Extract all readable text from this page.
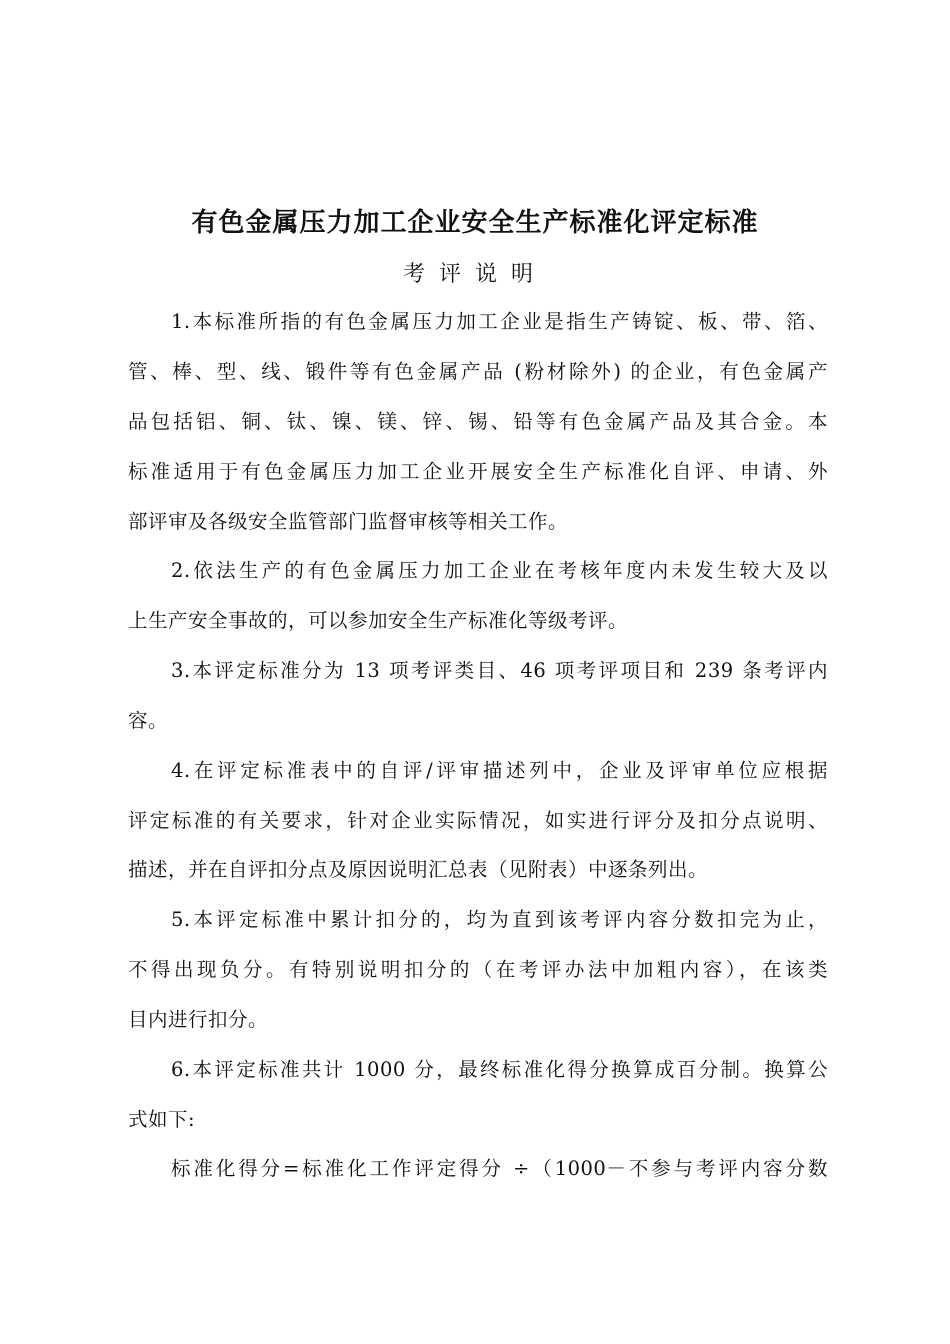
有色金属压力加工企业安全生产标准化评定标准
考评说明
1.本标准所指的有色金属压力加工企业是指生产铸锭、板、带、箔、
管、棒、型、线、锻件等有色金属产品 (粉材除外) 的企业，有色金属产
品包括铝、铜、钛、镍、镁、锌、锡、铅等有色金属产品及其合金。本
标准适用于有色金属压力加工企业开展安全生产标准化自评、申请、外
部评审及各级安全监管部门监督审核等相关工作。
2.依法生产的有色金属压力加工企业在考核年度内未发生较大及以
上生产安全事故的，可以参加安全生产标准化等级考评。
3.本评定标准分为 13 项考评类目、46 项考评项目和 239 条考评内
容。
4.在评定标准表中的自评/评审描述列中，企业及评审单位应根据
评定标准的有关要求，针对企业实际情况，如实进行评分及扣分点说明、
描述，并在自评扣分点及原因说明汇总表（见附表）中逐条列出。
5.本评定标准中累计扣分的，均为直到该考评内容分数扣完为止，
不得出现负分。有特别说明扣分的（在考评办法中加粗内容），在该类
目内进行扣分。
6.本评定标准共计 1000 分，最终标准化得分换算成百分制。换算公
式如下:
标准化得分=标准化工作评定得分 ÷（1000－不参与考评内容分数
